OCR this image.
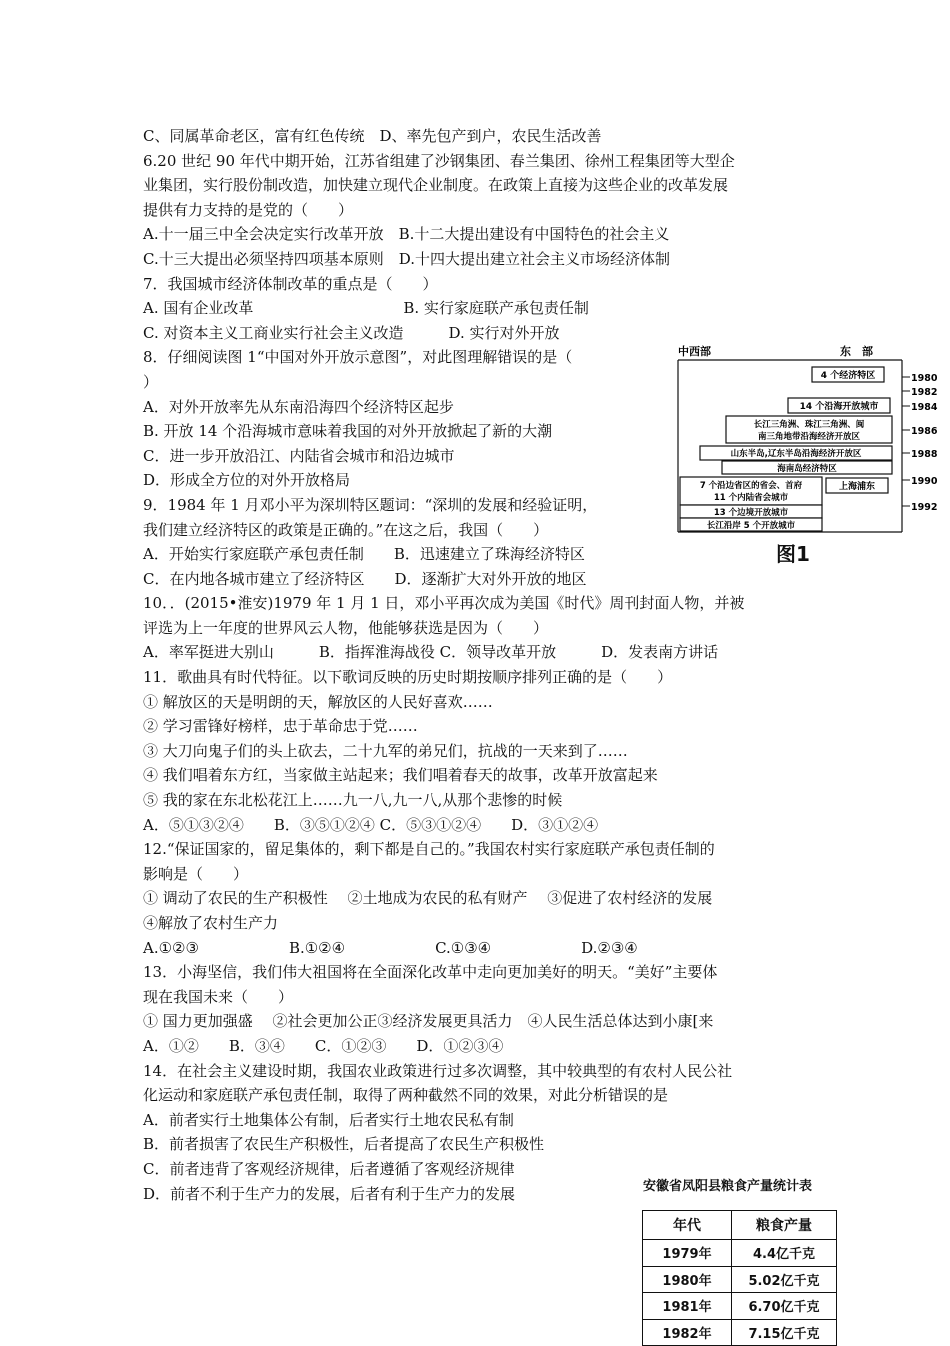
C、同属革命老区，富有红色传统　D、率先包产到户，农民生活改善
6.20 世纪 90 年代中期开始，江苏省组建了沙钢集团、春兰集团、徐州工程集团等大型企
业集团，实行股份制改造，加快建立现代企业制度。在政策上直接为这些企业的改革发展
提供有力支持的是党的（　　）
A.十一届三中全会决定实行改革开放　B.十二大提出建设有中国特色的社会主义
C.十三大提出必须坚持四项基本原则　D.十四大提出建立社会主义市场经济体制
7．我国城市经济体制改革的重点是（　　）
A. 国有企业改革　　　　　　　　　　B. 实行家庭联产承包责任制
C. 对资本主义工商业实行社会主义改造　　　D. 实行对外开放
8．仔细阅读图 1“中国对外开放示意图”，对此图理解错误的是（
）
A．对外开放率先从东南沿海四个经济特区起步
B. 开放 14 个沿海城市意味着我国的对外开放掀起了新的大潮
C．进一步开放沿江、内陆省会城市和沿边城市
D．形成全方位的对外开放格局
9．1984 年 1 月邓小平为深圳特区题词：“深圳的发展和经验证明，
我们建立经济特区的政策是正确的。”在这之后，我国（　　）
A．开始实行家庭联产承包责任制　　B．迅速建立了珠海经济特区
C．在内地各城市建立了经济特区　　D．逐渐扩大对外开放的地区
10．．(2015•淮安)1979 年 1 月 1 日，邓小平再次成为美国《时代》周刊封面人物，并被
评选为上一年度的世界风云人物，他能够获选是因为（　　）
A．率军挺进大别山　　　B．指挥淮海战役 C．领导改革开放　　　D．发表南方讲话
11．歌曲具有时代特征。以下歌词反映的历史时期按顺序排列正确的是（　　）
① 解放区的天是明朗的天，解放区的人民好喜欢……
② 学习雷锋好榜样，忠于革命忠于党……
③ 大刀向鬼子们的头上砍去，二十九军的弟兄们，抗战的一天来到了……
④ 我们唱着东方红，当家做主站起来；我们唱着春天的故事，改革开放富起来
⑤ 我的家在东北松花江上……九一八,九一八,从那个悲惨的时候
A．⑤①③②④　　B．③⑤①②④ C．⑤③①②④　　D．③①②④
12.“保证国家的，留足集体的，剩下都是自己的。”我国农村实行家庭联产承包责任制的
影响是（　　）
① 调动了农民的生产积极性　 ②土地成为农民的私有财产　 ③促进了农村经济的发展
④解放了农村生产力
A.①②③　　　　　　B.①②④　　　　　　C.①③④　　　　　　D.②③④
13．小海坚信，我们伟大祖国将在全面深化改革中走向更加美好的明天。“美好”主要体
现在我国未来（　　）
① 国力更加强盛　 ②社会更加公正③经济发展更具活力　④人民生活总体达到小康[来
A．①②　　B．③④　　C．①②③　　D．①②③④
14．在社会主义建设时期，我国农业政策进行过多次调整，其中较典型的有农村人民公社
化运动和家庭联产承包责任制，取得了两种截然不同的效果，对此分析错误的是
A．前者实行土地集体公有制，后者实行土地农民私有制
B．前者损害了农民生产积极性，后者提高了农民生产积极性
C．前者违背了客观经济规律，后者遵循了客观经济规律
D．前者不利于生产力的发展，后者有利于生产力的发展
中西部	东　部
1980
1982
1984
1986
1988
1990
1992
4 个经济特区
14 个沿海开放城市
长江三角洲、珠江三角洲、闽
南三角地带沿海经济开放区
山东半岛,辽东半岛沿海经济开放区
海南岛经济特区
7 个沿边省区的省会、首府
11 个内陆省会城市
上海浦东
13 个边境开放城市
长江沿岸 5 个开放城市
图1
安徽省凤阳县粮食产量统计表
年代	粮食产量
1979年	4.4亿千克
1980年	5.02亿千克
1981年	6.70亿千克
1982年	7.15亿千克
